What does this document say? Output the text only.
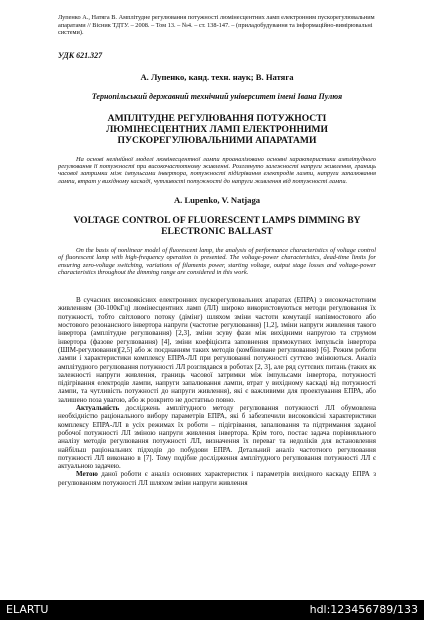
Лупенко А., Натяга В. Амплітудне регулювання потужності люмінесцентних ламп електронним пускорегулювальним апаратами // Вісник ТДТУ. – 2008. – Том 13. – №4. – ст. 138-147. – (приладобудування та інформаційно-вимірювальні системи).
УДК 621.327
А. Лупенко, канд. техн. наук; В. Натяга
Тернопільський державний технічний університет імені Івана Пулюя
АМПЛІТУДНЕ РЕГУЛЮВАННЯ ПОТУЖНОСТІ ЛЮМІНЕСЦЕНТНИХ ЛАМП ЕЛЕКТРОННИМИ ПУСКОРЕГУЛЮВАЛЬНИМИ АПАРАТАМИ
На основі нелінійної моделі люмінесцентної лампи проаналізовано основні характеристики амплітудного регулювання її потужності при високочастотному живленні. Розглянуто залежності напруги живлення, границь часової затримки між імпульсами інвертора, потужності підігрівання електродів лампи, напруги запалювання лампи, втрат у вихідному каскаді, чутливості потужності до напруги живлення від потужності лампи.
A. Lupenko, V. Natjaga
VOLTAGE CONTROL OF FLUORESCENT LAMPS DIMMING BY ELECTRONIC BALLAST
On the basis of nonlinear model of fluorescent lamp, the analysis of performance characteristics of voltage control of fluorescent lamp with high-frequency operation is presented. The voltage-power characteristics, dead-time limits for ensuring zero-voltage switching, variations of filaments power, starting voltage, output stage losses and voltage-power characteristics throughout the dimming range are considered in this work.

В сучасних високоякісних електронних пускорегулювальних апаратах (ЕПРА) з високочастотним живленням (30-100кГц) люмінесцентних ламп (ЛЛ) широко використовуються методи регулювання їх потужності, тобто світлового потоку (дімінг) шляхом зміни частоти комутації напівмостового або мостового резонансного інвертора напруги (частотне регулювання) [1,2], зміни напруги живлення такого інвертора (амплітудне регулювання) [2,3], зміни зсуву фази між вихідними напругою та струмом інвертора (фазове регулювання) [4], зміни коефіцієнта заповнення прямокутних імпульсів інвертора (ШІМ-регулювання)[2,5] або ж поєднанням таких методів (комбіноване регулювання) [6]. Режим роботи лампи і характеристики комплексу ЕПРА-ЛЛ при регулюванні потужності суттєво змінюються. Аналіз амплітудного регулювання потужності ЛЛ розглядався в роботах [2, 3], але ряд суттєвих питань (таких як залежності напруги живлення, границь часової затримки між імпульсами інвертора, потужності підігрівання електродів лампи, напруги запалювання лампи, втрат у вихідному каскаді від потужності лампи, та чутливість потужності до напруги живлення), які є важливими для проектування ЕПРА, або залишено поза увагою, або ж розкрито не достатньо повно.

Актуальність досліджень амплітудного методу регулювання потужності ЛЛ обумовлена необхідністю раціонального вибору параметрів ЕПРА, які б забезпечили високоякісні характеристики комплексу ЕПРА-ЛЛ в усіх режимах їх роботи – підігрівання, запалювання та підтримання заданої робочої потужності ЛЛ зміною напруги живлення інвертора. Крім того, постає задача порівняльного аналізу методів регулювання потужності ЛЛ, визначення їх переваг та недоліків для встановлення найбільш раціональних підходів до побудови ЕПРА. Детальний аналіз частотного регулювання потужності ЛЛ виконано в [7]. Тому подібне дослідження амплітудного регулювання потужності ЛЛ є актуальною задачею.

Метою даної роботи є аналіз основних характеристик і параметрів вихідного каскаду ЕПРА з регулюванням потужності ЛЛ шляхом зміни напруги живлення

ELARTU	hdl:123456789/133
